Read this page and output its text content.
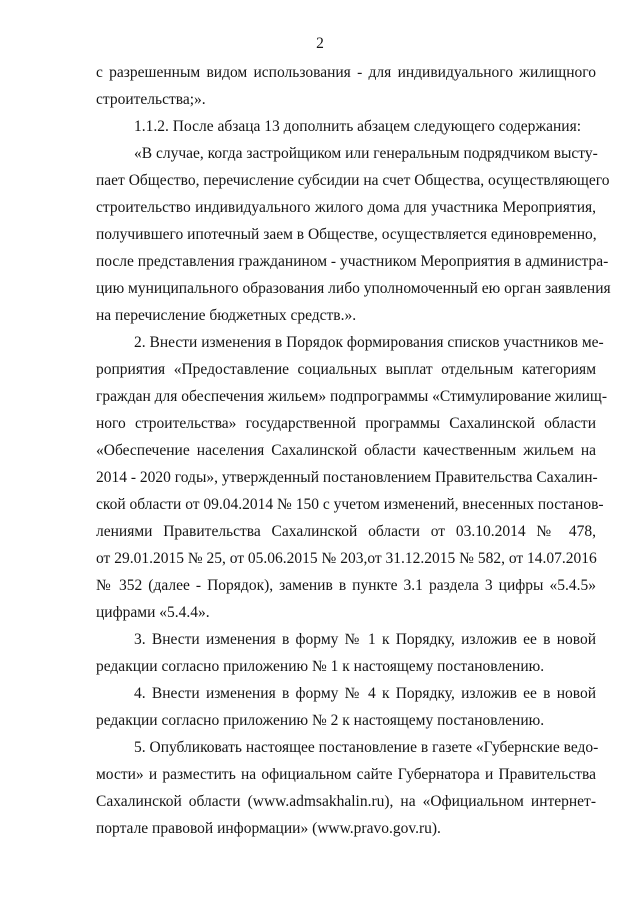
2
с разрешенным видом использования - для индивидуального жилищного
строительства;».
1.1.2. После абзаца 13 дополнить абзацем следующего содержания:
«В случае, когда застройщиком или генеральным подрядчиком высту-
пает Общество, перечисление субсидии на счет Общества, осуществляющего
строительство индивидуального жилого дома для участника Мероприятия,
получившего ипотечный заем в Обществе, осуществляется единовременно,
после представления гражданином - участником Мероприятия в администра-
цию муниципального образования либо уполномоченный ею орган заявления
на перечисление бюджетных средств.».
2. Внести изменения в Порядок формирования списков участников ме-
роприятия «Предоставление социальных выплат отдельным категориям
граждан для обеспечения жильем» подпрограммы «Стимулирование жилищ-
ного строительства» государственной программы Сахалинской области
«Обеспечение населения Сахалинской области качественным жильем на
2014 - 2020 годы», утвержденный постановлением Правительства Сахалин-
ской области от 09.04.2014 № 150 с учетом изменений, внесенных постанов-
лениями Правительства Сахалинской области от 03.10.2014 № 478,
от 29.01.2015 № 25, от 05.06.2015 № 203,от 31.12.2015 № 582, от 14.07.2016
№ 352 (далее - Порядок), заменив в пункте 3.1 раздела 3 цифры «5.4.5»
цифрами «5.4.4».
3. Внести изменения в форму № 1 к Порядку, изложив ее в новой
редакции согласно приложению № 1 к настоящему постановлению.
4. Внести изменения в форму № 4 к Порядку, изложив ее в новой
редакции согласно приложению № 2 к настоящему постановлению.
5. Опубликовать настоящее постановление в газете «Губернские ведо-
мости» и разместить на официальном сайте Губернатора и Правительства
Сахалинской области (www.admsakhalin.ru), на «Официальном интернет-
портале правовой информации» (www.pravo.gov.ru).
